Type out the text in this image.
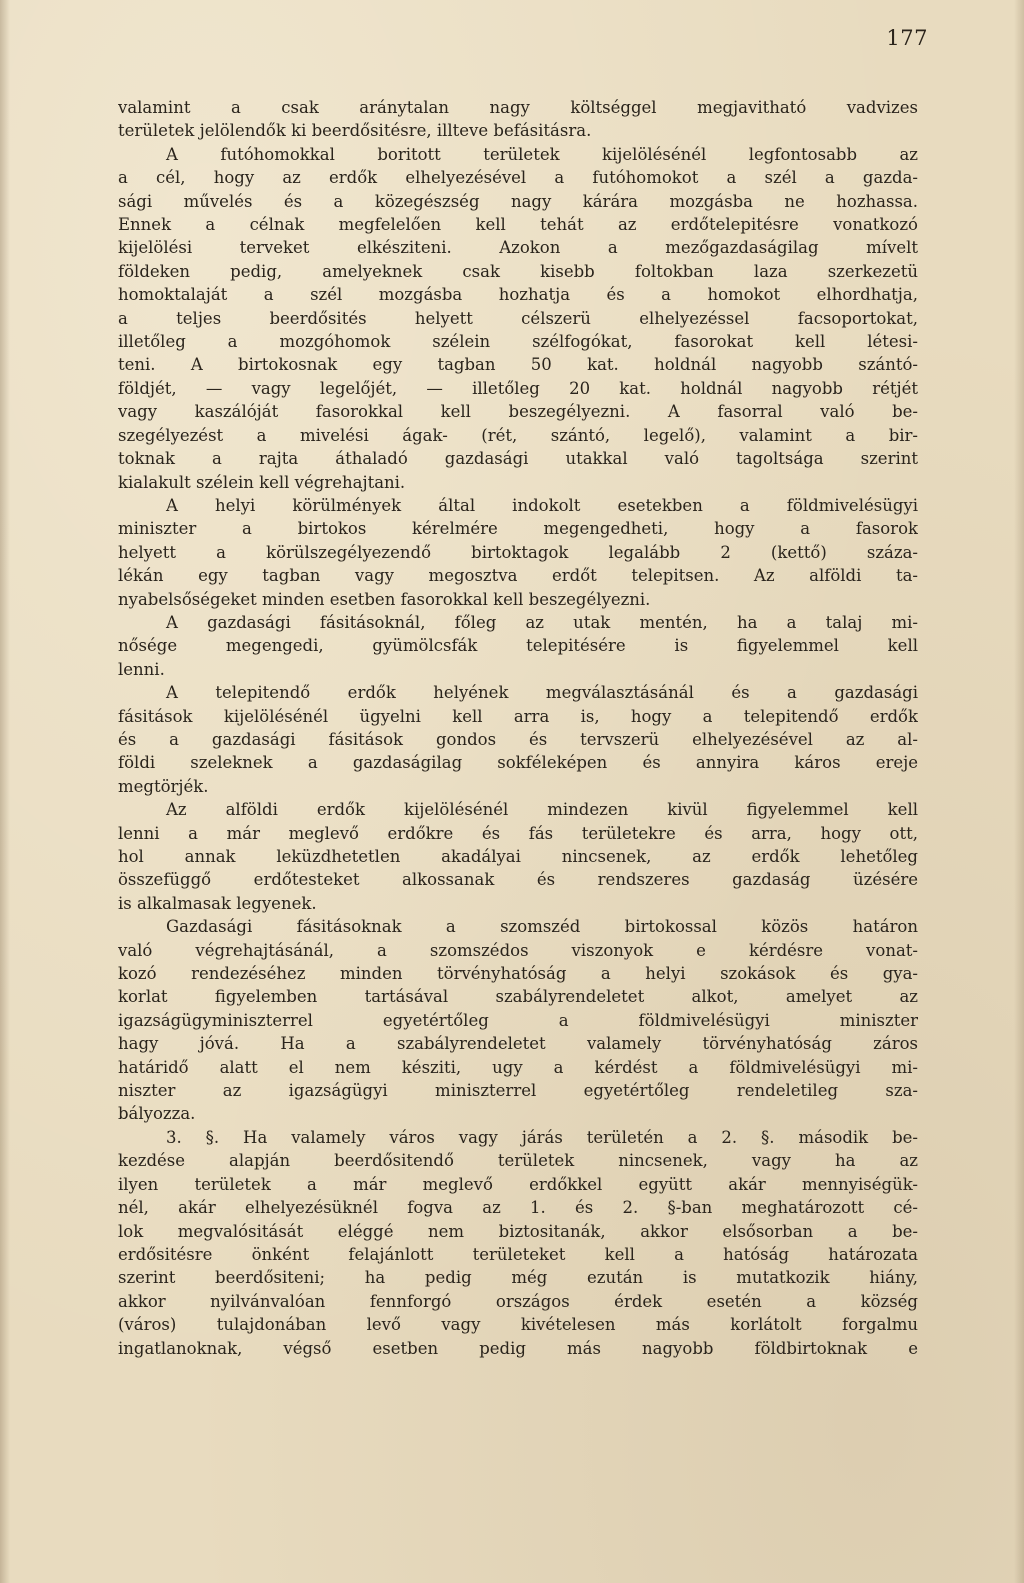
177
valamint a csak aránytalan nagy költséggel megjavitható vadvizes
területek jelölendők ki beerdősitésre, illteve befásitásra.
A futóhomokkal boritott területek kijelölésénél legfontosabb az
a cél, hogy az erdők elhelyezésével a futóhomokot a szél a gazda-
sági művelés és a közegészség nagy kárára mozgásba ne hozhassa.
Ennek a célnak megfelelően kell tehát az erdőtelepitésre vonatkozó
kijelölési terveket elkésziteni. Azokon a mezőgazdaságilag mívelt
földeken pedig, amelyeknek csak kisebb foltokban laza szerkezetü
homoktalaját a szél mozgásba hozhatja és a homokot elhordhatja,
a teljes beerdősités helyett célszerü elhelyezéssel facsoportokat,
illetőleg a mozgóhomok szélein szélfogókat, fasorokat kell létesi-
teni. A birtokosnak egy tagban 50 kat. holdnál nagyobb szántó-
földjét, — vagy legelőjét, — illetőleg 20 kat. holdnál nagyobb rétjét
vagy kaszálóját fasorokkal kell beszegélyezni. A fasorral való be-
szegélyezést a mivelési ágak- (rét, szántó, legelő), valamint a bir-
toknak a rajta áthaladó gazdasági utakkal való tagoltsága szerint
kialakult szélein kell végrehajtani.
A helyi körülmények által indokolt esetekben a földmivelésügyi
miniszter a birtokos kérelmére megengedheti, hogy a fasorok
helyett a körülszegélyezendő birtoktagok legalább 2 (kettő) száza-
lékán egy tagban vagy megosztva erdőt telepitsen. Az alföldi ta-
nyabelsőségeket minden esetben fasorokkal kell beszegélyezni.
A gazdasági fásitásoknál, főleg az utak mentén, ha a talaj mi-
nősége megengedi, gyümölcsfák telepitésére is figyelemmel kell
lenni.
A telepitendő erdők helyének megválasztásánál és a gazdasági
fásitások kijelölésénél ügyelni kell arra is, hogy a telepitendő erdők
és a gazdasági fásitások gondos és tervszerü elhelyezésével az al-
földi szeleknek a gazdaságilag sokféleképen és annyira káros ereje
megtörjék.
Az alföldi erdők kijelölésénél mindezen kivül figyelemmel kell
lenni a már meglevő erdőkre és fás területekre és arra, hogy ott,
hol annak leküzdhetetlen akadályai nincsenek, az erdők lehetőleg
összefüggő erdőtesteket alkossanak és rendszeres gazdaság üzésére
is alkalmasak legyenek.
Gazdasági fásitásoknak a szomszéd birtokossal közös határon
való végrehajtásánál, a szomszédos viszonyok e kérdésre vonat-
kozó rendezéséhez minden törvényhatóság a helyi szokások és gya-
korlat figyelemben tartásával szabályrendeletet alkot, amelyet az
igazságügyminiszterrel egyetértőleg a földmivelésügyi miniszter
hagy jóvá. Ha a szabályrendeletet valamely törvényhatóság záros
határidő alatt el nem késziti, ugy a kérdést a földmivelésügyi mi-
niszter az igazságügyi miniszterrel egyetértőleg rendeletileg sza-
bályozza.
3. §. Ha valamely város vagy járás területén a 2. §. második be-
kezdése alapján beerdősitendő területek nincsenek, vagy ha az
ilyen területek a már meglevő erdőkkel együtt akár mennyiségük-
nél, akár elhelyezésüknél fogva az 1. és 2. §-ban meghatározott cé-
lok megvalósitását eléggé nem biztositanák, akkor elsősorban a be-
erdősitésre önként felajánlott területeket kell a hatóság határozata
szerint beerdősiteni; ha pedig még ezután is mutatkozik hiány,
akkor nyilvánvalóan fennforgó országos érdek esetén a község
(város) tulajdonában levő vagy kivételesen más korlátolt forgalmu
ingatlanoknak, végső esetben pedig más nagyobb földbirtoknak e
